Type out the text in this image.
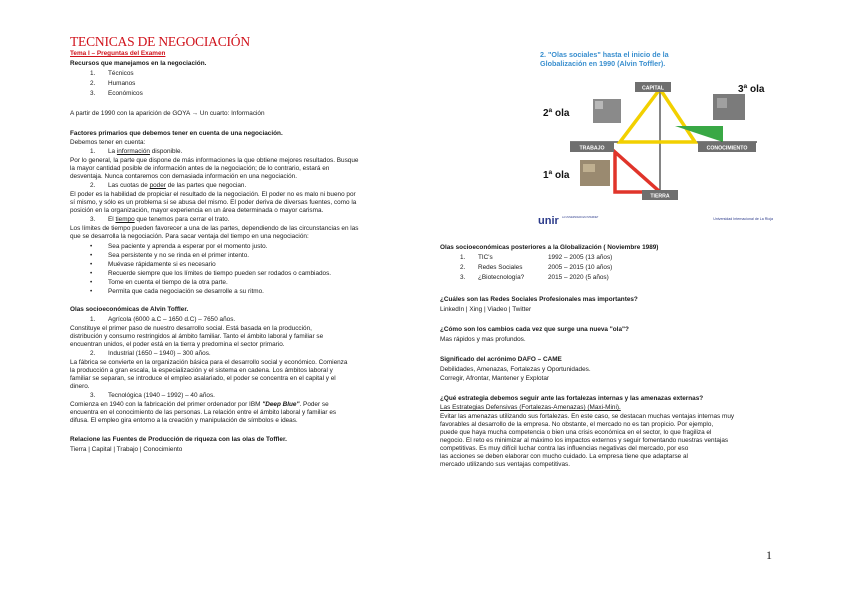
TECNICAS DE NEGOCIACIÓN
Tema I – Preguntas del Examen
Recursos que manejamos en la negociación.
1. Técnicos
2. Humanos
3. Económicos
A partir de 1990 con la aparición de GOYA → Un cuarto: Información
Factores primarios que debemos tener en cuenta de una negociación.
Debemos tener en cuenta:
1. La información disponible.
Por lo general, la parte que dispone de más informaciones la que obtiene mejores resultados. Busque
la mayor cantidad posible de información antes de la negociación; de lo contrario, estará en
desventaja. Nunca contaremos con demasiada información en una negociación.
2. Las cuotas de poder de las partes que negocian.
El poder es la habilidad de propiciar el resultado de la negociación. El poder no es malo ni bueno por
sí mismo, y sólo es un problema si se abusa del mismo. El poder deriva de diversas fuentes, como la
posición en la organización, mayor experiencia en un área determinada o mayor carisma.
3. El tiempo que tenemos para cerrar el trato.
Los límites de tiempo pueden favorecer a una de las partes, dependiendo de las circunstancias en las
que se desarrolla la negociación. Para sacar ventaja del tiempo en una negociación:
• Sea paciente y aprenda a esperar por el momento justo.
• Sea persistente y no se rinda en el primer intento.
• Muévase rápidamente si es necesario
• Recuerde siempre que los límites de tiempo pueden ser rodados o cambiados.
• Tome en cuenta el tiempo de la otra parte.
• Permita que cada negociación se desarrolle a su ritmo.
Olas socioeconómicas de Alvin Toffler.
1. Agrícola (6000 a.C – 1650 d.C) – 7650 años.
Constituye el primer paso de nuestro desarrollo social. Está basada en la producción,
distribución y consumo restringidos al ámbito familiar. Tanto el ámbito laboral y familiar se
encuentran unidos, el poder está en la tierra y predomina el sector primario.
2. Industrial (1650 – 1940) – 300 años.
La fábrica se convierte en la organización básica para el desarrollo social y económico. Comienza
la producción a gran escala, la especialización y el sistema en cadena. Los ámbitos laboral y
familiar se separan, se introduce el empleo asalariado, el poder se concentra en el capital y el
dinero.
3. Tecnológica (1940 – 1992) – 40 años.
Comienza en 1940 con la fabricación del primer ordenador por IBM "Deep Blue". Poder se
encuentra en el conocimiento de las personas. La relación entre el ámbito laboral y familiar es
difusa. El empleo gira entorno a la creación y manipulación de símbolos e ideas.
Relacione las Fuentes de Producción de riqueza con las olas de Toffler.
Tierra | Capital | Trabajo | Conocimiento
2. "Olas sociales" hasta el inicio de la Globalización en 1990 (Alvin Toffler).
unir LA UNIVERSIDAD EN INTERNET	Universidad Internacional de La Rioja
CAPITAL
TRABAJO	CONOCIMIENTO
TIERRA
2ª ola
3ª ola
1ª ola
Olas socioeconómicas posteriores a la Globalización ( Noviembre 1989)
1. TIC's	1992 – 2005 (13 años)
2. Redes Sociales	2005 – 2015 (10 años)
3. ¿Biotecnología?	2015 – 2020 (5 años)
¿Cuáles son las Redes Sociales Profesionales mas importantes?
LinkedIn | Xing | Viadeo | Twitter
¿Cómo son los cambios cada vez que surge una nueva "ola"?
Mas rápidos y mas profundos.
Significado del acrónimo DAFO – CAME
Debilidades, Amenazas, Fortalezas y Oportunidades.
Corregir, Afrontar, Mantener y Explotar
¿Qué estrategia debemos seguir ante las fortalezas internas y las amenazas externas?
Las Estrategias Defensivas (Fortalezas-Amenazas) (Maxi-Mini).
Evitar las amenazas utilizando sus fortalezas. En este caso, se destacan muchas ventajas internas muy
favorables al desarrollo de la empresa. No obstante, el mercado no es tan propicio. Por ejemplo,
puede que haya mucha competencia o bien una crisis económica en el sector, lo que fragiliza el
negocio. El reto es minimizar al máximo los impactos externos y seguir fomentando nuestras ventajas
competitivas. Es muy difícil luchar contra las influencias negativas del mercado, por eso
las acciones se deben elaborar con mucho cuidado. La empresa tiene que adaptarse al
mercado utilizando sus ventajas competitivas.
1
